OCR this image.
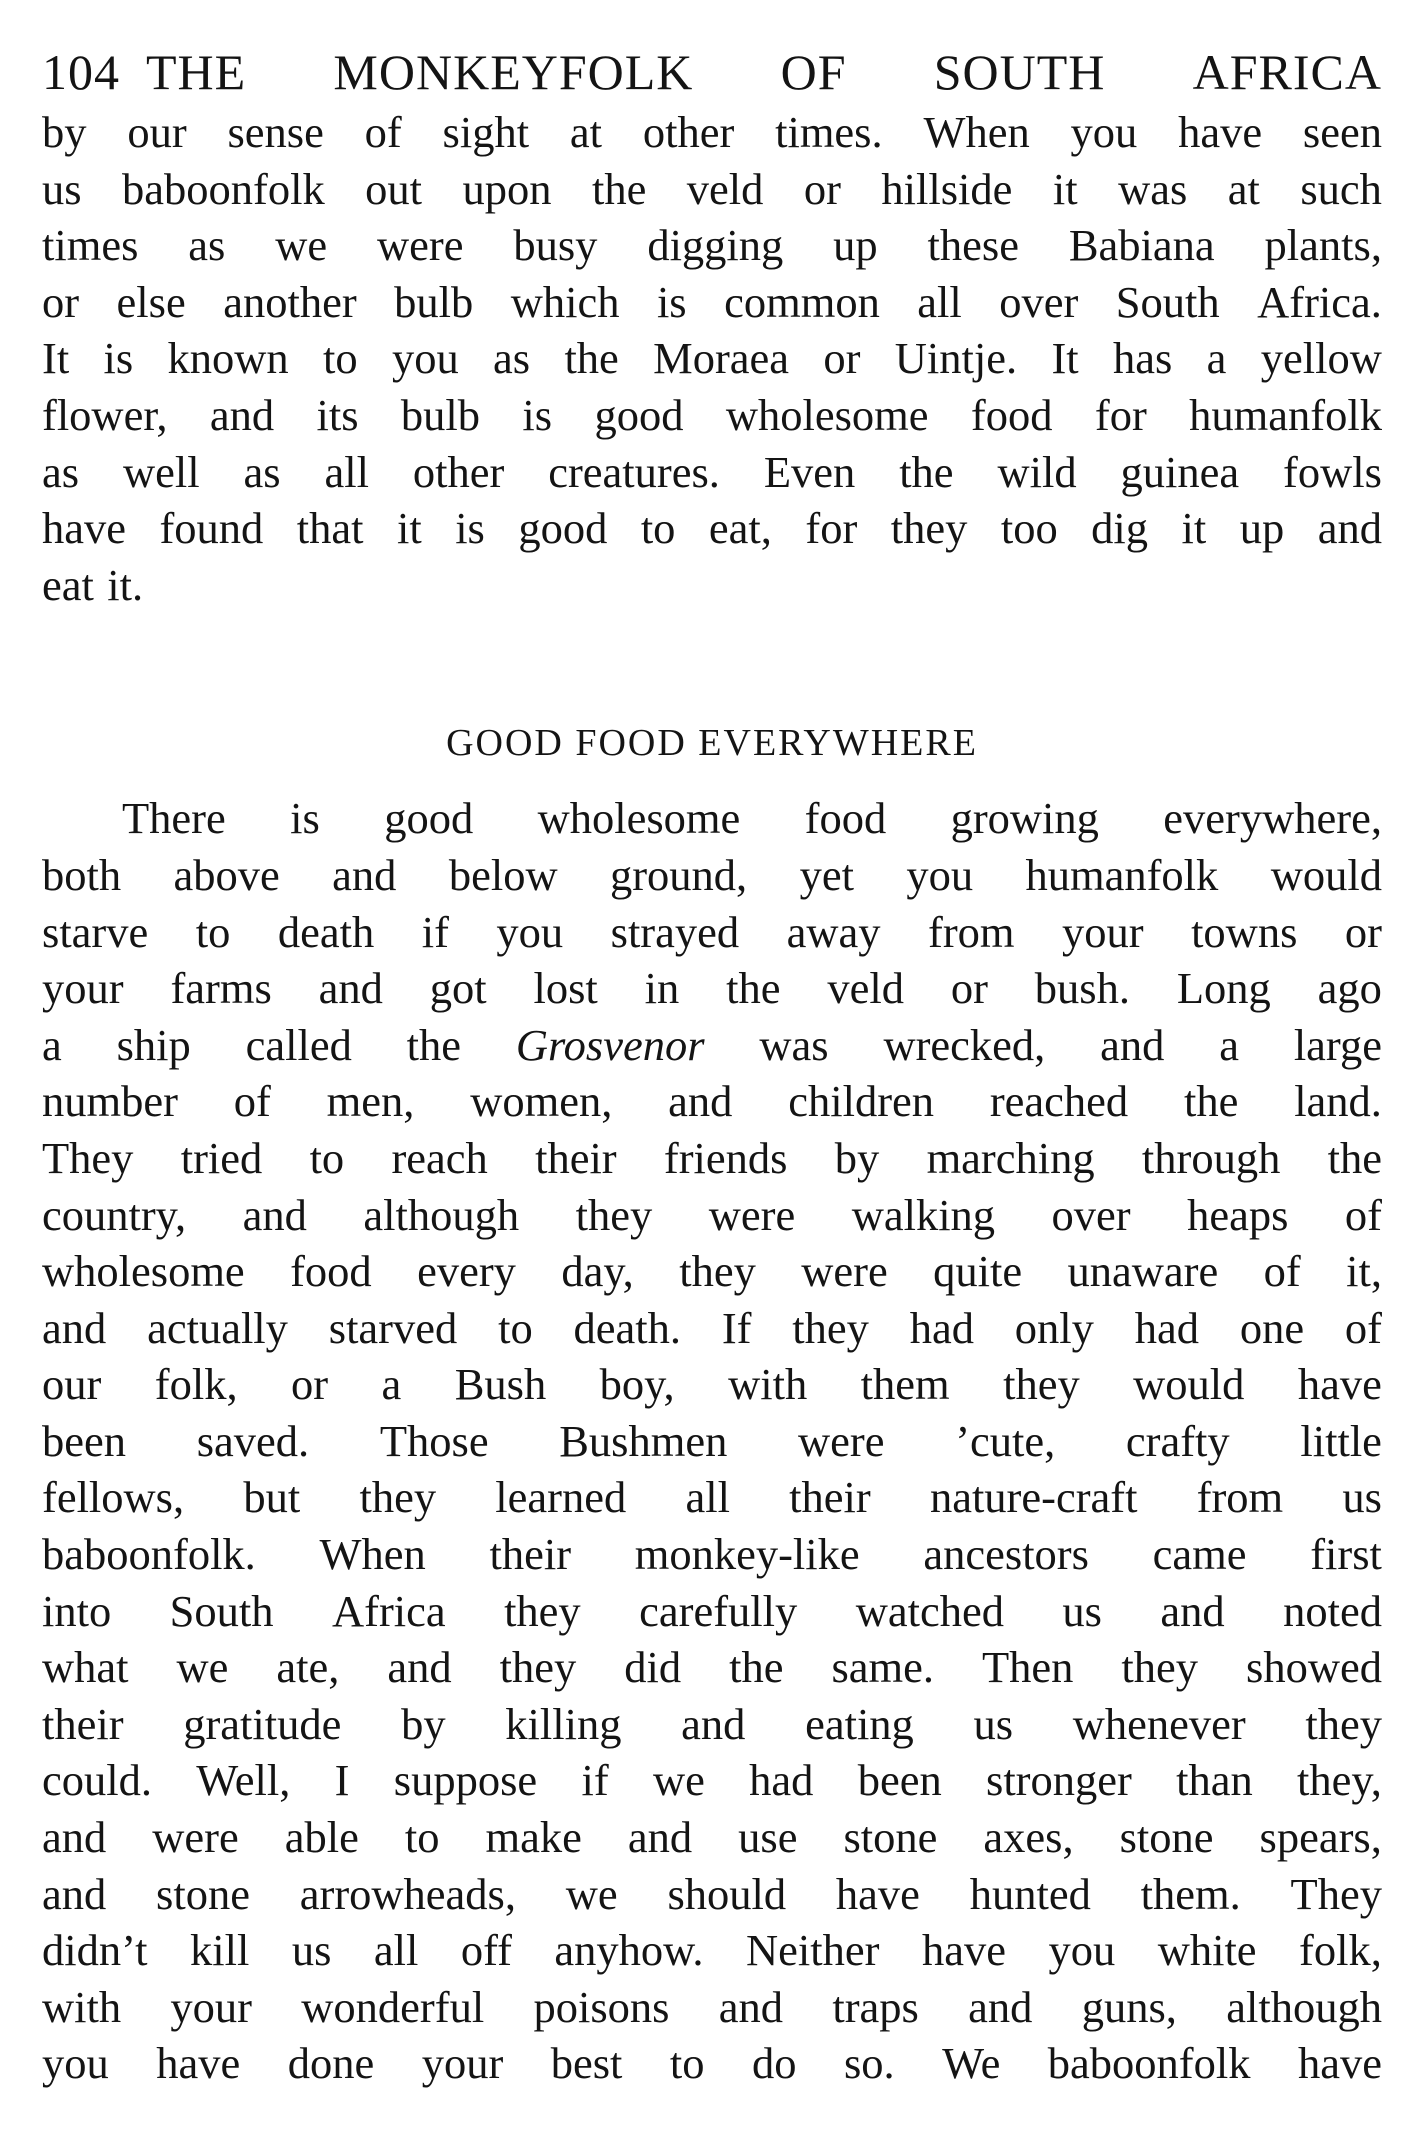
104 THE MONKEYFOLK OF SOUTH AFRICA
by our sense of sight at other times. When you have seen
us baboonfolk out upon the veld or hillside it was at such
times as we were busy digging up these Babiana plants,
or else another bulb which is common all over South Africa.
It is known to you as the Moraea or Uintje. It has a yellow
flower, and its bulb is good wholesome food for humanfolk
as well as all other creatures. Even the wild guinea fowls
have found that it is good to eat, for they too dig it up and
eat it.
GOOD FOOD EVERYWHERE
There is good wholesome food growing everywhere,
both above and below ground, yet you humanfolk would
starve to death if you strayed away from your towns or
your farms and got lost in the veld or bush. Long ago
a ship called the Grosvenor was wrecked, and a large
number of men, women, and children reached the land.
They tried to reach their friends by marching through the
country, and although they were walking over heaps of
wholesome food every day, they were quite unaware of it,
and actually starved to death. If they had only had one of
our folk, or a Bush boy, with them they would have
been saved. Those Bushmen were ’cute, crafty little
fellows, but they learned all their nature-craft from us
baboonfolk. When their monkey-like ancestors came first
into South Africa they carefully watched us and noted
what we ate, and they did the same. Then they showed
their gratitude by killing and eating us whenever they
could. Well, I suppose if we had been stronger than they,
and were able to make and use stone axes, stone spears,
and stone arrowheads, we should have hunted them. They
didn’t kill us all off anyhow. Neither have you white folk,
with your wonderful poisons and traps and guns, although
you have done your best to do so. We baboonfolk have
